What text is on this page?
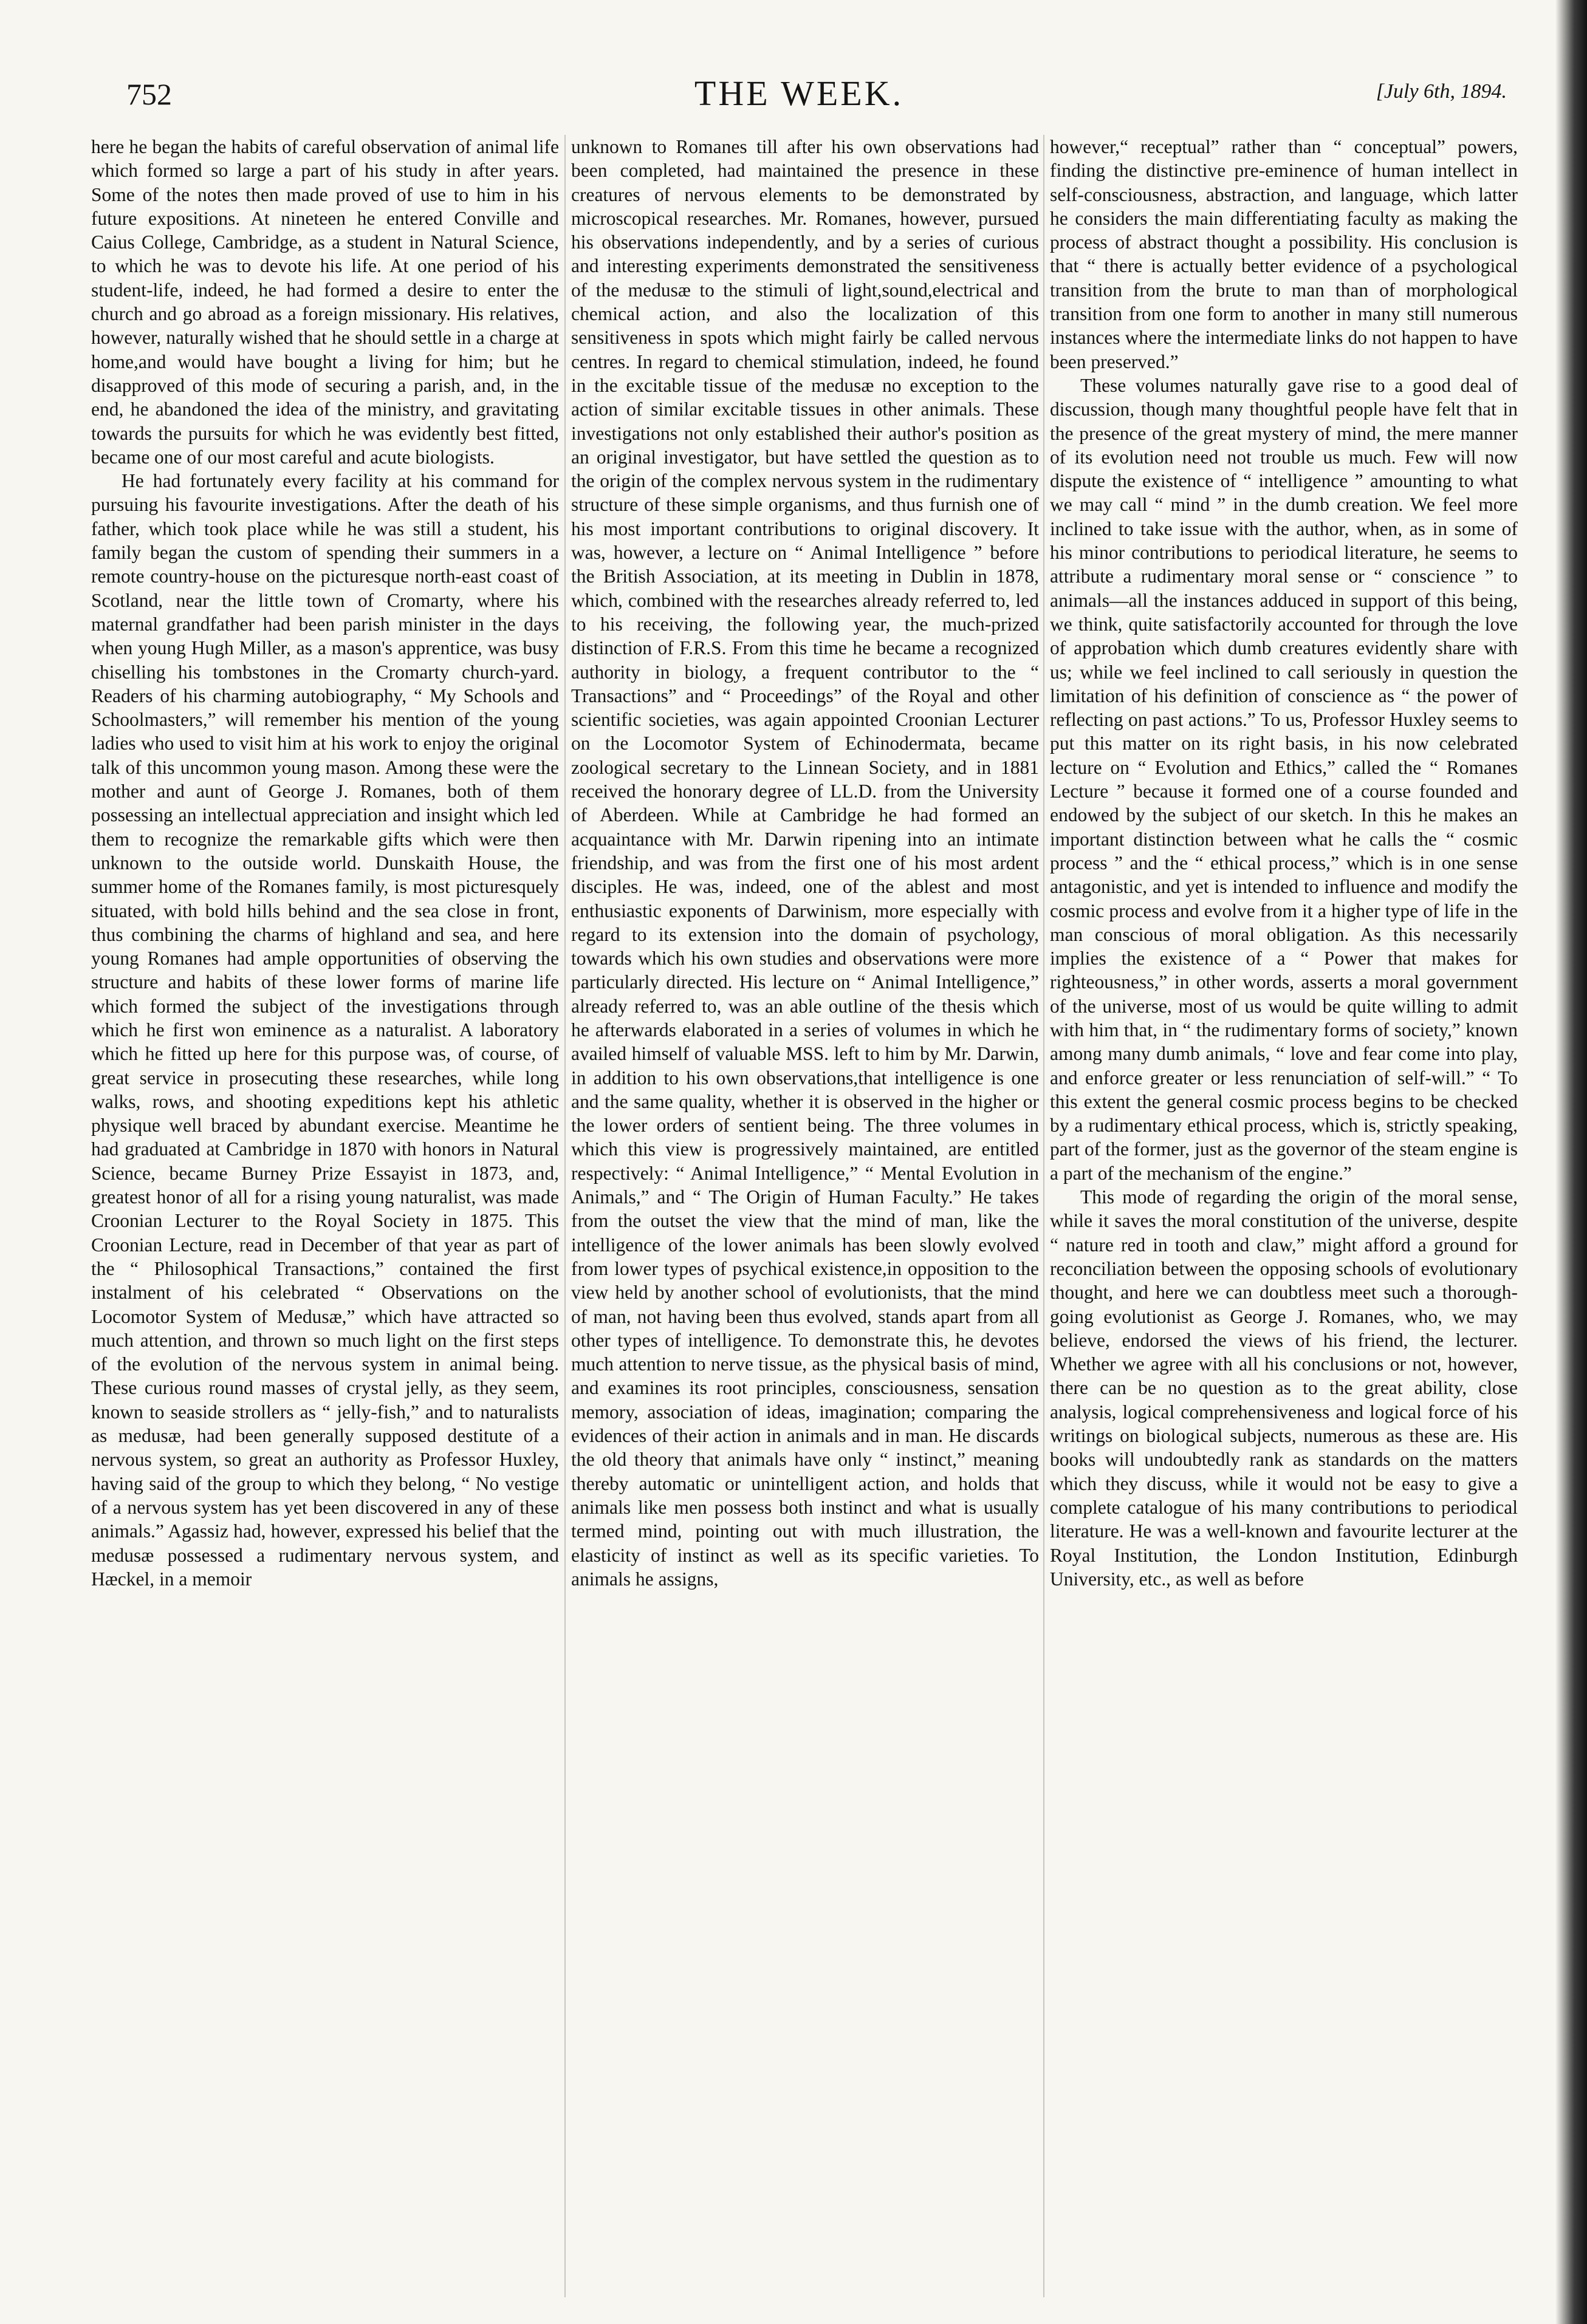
752	THE WEEK.	[July 6th, 1894.

here he began the habits of careful observation of animal life which formed so large a part of his study in after years. Some of the notes then made proved of use to him in his future expositions. At nineteen he entered Conville and Caius College, Cambridge, as a student in Natural Science, to which he was to devote his life. At one period of his student-life, indeed, he had formed a desire to enter the church and go abroad as a foreign missionary. His relatives, however, naturally wished that he should settle in a charge at home,and would have bought a living for him; but he disapproved of this mode of securing a parish, and, in the end, he abandoned the idea of the ministry, and gravitating towards the pursuits for which he was evidently best fitted, became one of our most careful and acute biologists.

He had fortunately every facility at his command for pursuing his favourite investigations. After the death of his father, which took place while he was still a student, his family began the custom of spending their summers in a remote country-house on the picturesque north-east coast of Scotland, near the little town of Cromarty, where his maternal grandfather had been parish minister in the days when young Hugh Miller, as a mason's apprentice, was busy chiselling his tombstones in the Cromarty church-yard. Readers of his charming autobiography, “ My Schools and Schoolmasters,” will remember his mention of the young ladies who used to visit him at his work to enjoy the original talk of this uncommon young mason. Among these were the mother and aunt of George J. Romanes, both of them possessing an intellectual appreciation and insight which led them to recognize the remarkable gifts which were then unknown to the outside world. Dunskaith House, the summer home of the Romanes family, is most picturesquely situated, with bold hills behind and the sea close in front, thus combining the charms of highland and sea, and here young Romanes had ample opportunities of observing the structure and habits of these lower forms of marine life which formed the subject of the investigations through which he first won eminence as a naturalist. A laboratory which he fitted up here for this purpose was, of course, of great service in prosecuting these researches, while long walks, rows, and shooting expeditions kept his athletic physique well braced by abundant exercise. Meantime he had graduated at Cambridge in 1870 with honors in Natural Science, became Burney Prize Essayist in 1873, and, greatest honor of all for a rising young naturalist, was made Croonian Lecturer to the Royal Society in 1875. This Croonian Lecture, read in December of that year as part of the “ Philosophical Transactions,” contained the first instalment of his celebrated “ Observations on the Locomotor System of Medusæ,” which have attracted so much attention, and thrown so much light on the first steps of the evolution of the nervous system in animal being. These curious round masses of crystal jelly, as they seem, known to seaside strollers as “ jelly-fish,” and to naturalists as medusæ, had been generally supposed destitute of a nervous system, so great an authority as Professor Huxley, having said of the group to which they belong, “ No vestige of a nervous system has yet been discovered in any of these animals.” Agassiz had, however, expressed his belief that the medusæ possessed a rudimentary nervous system, and Hæckel, in a memoir

unknown to Romanes till after his own observations had been completed, had maintained the presence in these creatures of nervous elements to be demonstrated by microscopical researches. Mr. Romanes, however, pursued his observations independently, and by a series of curious and interesting experiments demonstrated the sensitiveness of the medusæ to the stimuli of light,sound,electrical and chemical action, and also the localization of this sensitiveness in spots which might fairly be called nervous centres. In regard to chemical stimulation, indeed, he found in the excitable tissue of the medusæ no exception to the action of similar excitable tissues in other animals. These investigations not only established their author's position as an original investigator, but have settled the question as to the origin of the complex nervous system in the rudimentary structure of these simple organisms, and thus furnish one of his most important contributions to original discovery. It was, however, a lecture on “ Animal Intelligence ” before the British Association, at its meeting in Dublin in 1878, which, combined with the researches already referred to, led to his receiving, the following year, the much-prized distinction of F.R.S. From this time he became a recognized authority in biology, a frequent contributor to the “ Transactions” and “ Proceedings” of the Royal and other scientific societies, was again appointed Croonian Lecturer on the Locomotor System of Echinodermata, became zoological secretary to the Linnean Society, and in 1881 received the honorary degree of LL.D. from the University of Aberdeen. While at Cambridge he had formed an acquaintance with Mr. Darwin ripening into an intimate friendship, and was from the first one of his most ardent disciples. He was, indeed, one of the ablest and most enthusiastic exponents of Darwinism, more especially with regard to its extension into the domain of psychology, towards which his own studies and observations were more particularly directed. His lecture on “ Animal Intelligence,” already referred to, was an able outline of the thesis which he afterwards elaborated in a series of volumes in which he availed himself of valuable MSS. left to him by Mr. Darwin, in addition to his own observations,that intelligence is one and the same quality, whether it is observed in the higher or the lower orders of sentient being. The three volumes in which this view is progressively maintained, are entitled respectively: “ Animal Intelligence,” “ Mental Evolution in Animals,” and “ The Origin of Human Faculty.” He takes from the outset the view that the mind of man, like the intelligence of the lower animals has been slowly evolved from lower types of psychical existence,in opposition to the view held by another school of evolutionists, that the mind of man, not having been thus evolved, stands apart from all other types of intelligence. To demonstrate this, he devotes much attention to nerve tissue, as the physical basis of mind, and examines its root principles, consciousness, sensation memory, association of ideas, imagination; comparing the evidences of their action in animals and in man. He discards the old theory that animals have only “ instinct,” meaning thereby automatic or unintelligent action, and holds that animals like men possess both instinct and what is usually termed mind, pointing out with much illustration, the elasticity of instinct as well as its specific varieties. To animals he assigns,

however,“ receptual” rather than “ conceptual” powers, finding the distinctive pre-eminence of human intellect in self-consciousness, abstraction, and language, which latter he considers the main differentiating faculty as making the process of abstract thought a possibility. His conclusion is that “ there is actually better evidence of a psychological transition from the brute to man than of morphological transition from one form to another in many still numerous instances where the intermediate links do not happen to have been preserved.”

These volumes naturally gave rise to a good deal of discussion, though many thoughtful people have felt that in the presence of the great mystery of mind, the mere manner of its evolution need not trouble us much. Few will now dispute the existence of “ intelligence ” amounting to what we may call “ mind ” in the dumb creation. We feel more inclined to take issue with the author, when, as in some of his minor contributions to periodical literature, he seems to attribute a rudimentary moral sense or “ conscience ” to animals—all the instances adduced in support of this being, we think, quite satisfactorily accounted for through the love of approbation which dumb creatures evidently share with us; while we feel inclined to call seriously in question the limitation of his definition of conscience as “ the power of reflecting on past actions.” To us, Professor Huxley seems to put this matter on its right basis, in his now celebrated lecture on “ Evolution and Ethics,” called the “ Romanes Lecture ” because it formed one of a course founded and endowed by the subject of our sketch. In this he makes an important distinction between what he calls the “ cosmic process ” and the “ ethical process,” which is in one sense antagonistic, and yet is intended to influence and modify the cosmic process and evolve from it a higher type of life in the man conscious of moral obligation. As this necessarily implies the existence of a “ Power that makes for righteousness,” in other words, asserts a moral government of the universe, most of us would be quite willing to admit with him that, in “ the rudimentary forms of society,” known among many dumb animals, “ love and fear come into play, and enforce greater or less renunciation of self-will.” “ To this extent the general cosmic process begins to be checked by a rudimentary ethical process, which is, strictly speaking, part of the former, just as the governor of the steam engine is a part of the mechanism of the engine.”

This mode of regarding the origin of the moral sense, while it saves the moral constitution of the universe, despite “ nature red in tooth and claw,” might afford a ground for reconciliation between the opposing schools of evolutionary thought, and here we can doubtless meet such a thorough-going evolutionist as George J. Romanes, who, we may believe, endorsed the views of his friend, the lecturer. Whether we agree with all his conclusions or not, however, there can be no question as to the great ability, close analysis, logical comprehensiveness and logical force of his writings on biological subjects, numerous as these are. His books will undoubtedly rank as standards on the matters which they discuss, while it would not be easy to give a complete catalogue of his many contributions to periodical literature. He was a well-known and favourite lecturer at the Royal Institution, the London Institution, Edinburgh University, etc., as well as before
